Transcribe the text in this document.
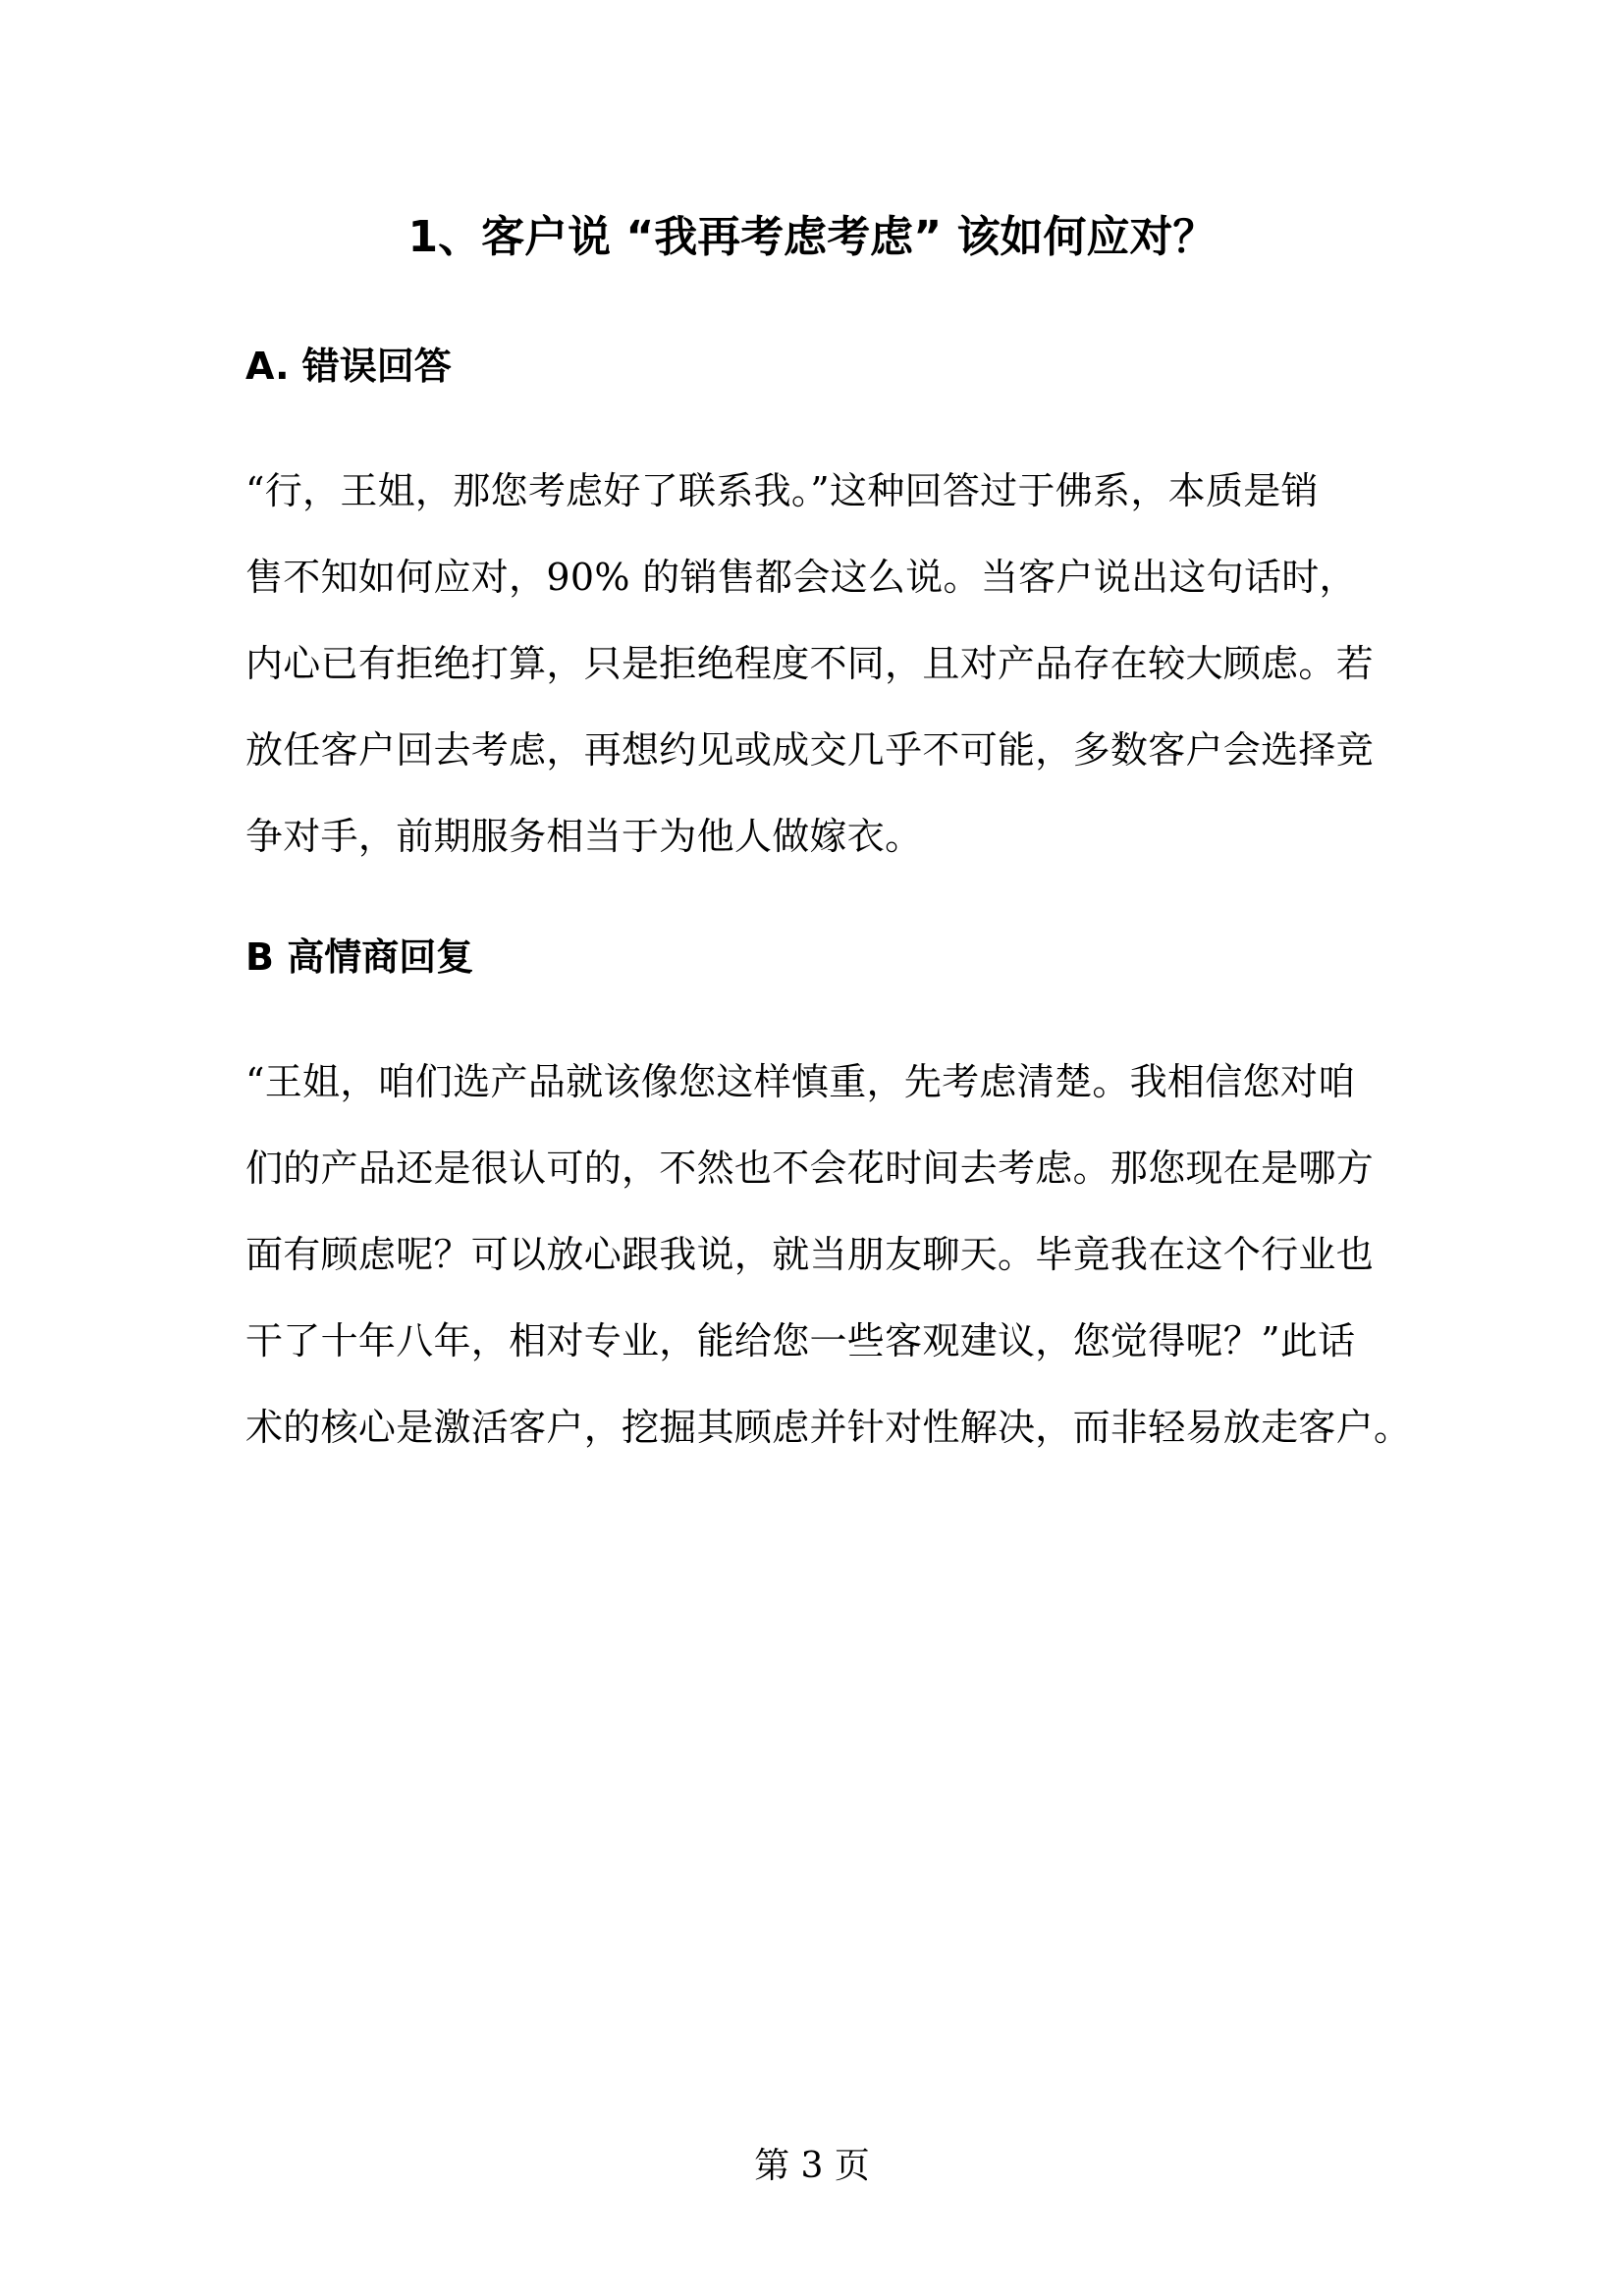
1、客户说 “我再考虑考虑” 该如何应对？
A. 错误回答
“行，王姐，那您考虑好了联系我。”这种回答过于佛系，本质是销
售不知如何应对，90% 的销售都会这么说。当客户说出这句话时，
内心已有拒绝打算，只是拒绝程度不同，且对产品存在较大顾虑。若
放任客户回去考虑，再想约见或成交几乎不可能，多数客户会选择竞
争对手，前期服务相当于为他人做嫁衣。
B 高情商回复
“王姐，咱们选产品就该像您这样慎重，先考虑清楚。我相信您对咱
们的产品还是很认可的，不然也不会花时间去考虑。那您现在是哪方
面有顾虑呢？可以放心跟我说，就当朋友聊天。毕竟我在这个行业也
干了十年八年，相对专业，能给您一些客观建议，您觉得呢？”此话
术的核心是激活客户，挖掘其顾虑并针对性解决，而非轻易放走客户。
第 3 页
